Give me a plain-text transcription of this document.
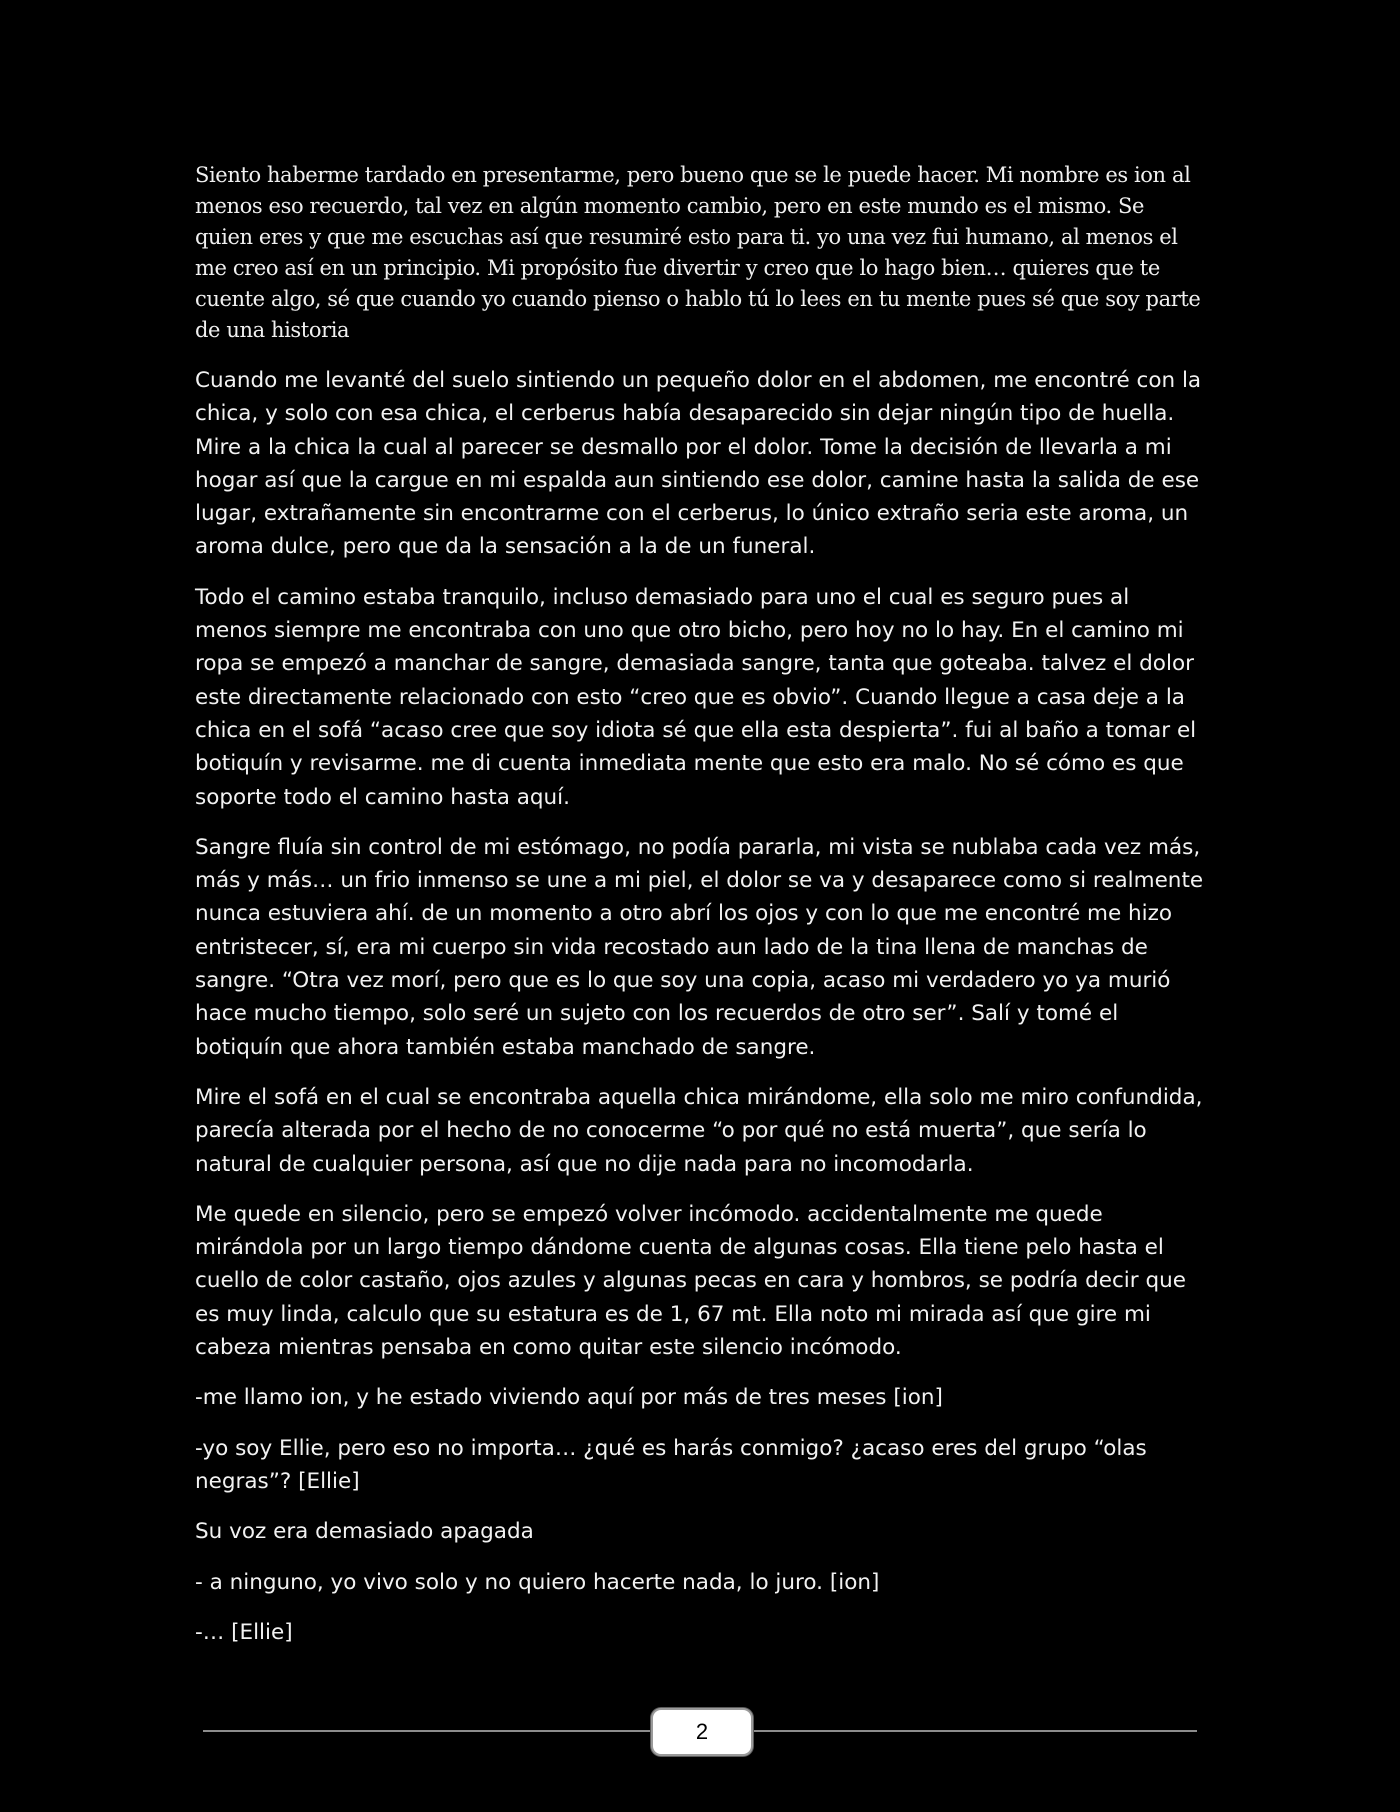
Siento haberme tardado en presentarme, pero bueno que se le puede hacer. Mi nombre es ion al menos eso recuerdo, tal vez en algún momento cambio, pero en este mundo es el mismo. Se quien eres y que me escuchas así que resumiré esto para ti. yo una vez fui humano, al menos el me creo así en un principio. Mi propósito fue divertir y creo que lo hago bien… quieres que te cuente algo, sé que cuando yo cuando pienso o hablo tú lo lees en tu mente pues sé que soy parte de una historia

Cuando me levanté del suelo sintiendo un pequeño dolor en el abdomen, me encontré con la chica, y solo con esa chica, el cerberus había desaparecido sin dejar ningún tipo de huella. Mire a la chica la cual al parecer se desmallo por el dolor. Tome la decisión de llevarla a mi hogar así que la cargue en mi espalda aun sintiendo ese dolor, camine hasta la salida de ese lugar, extrañamente sin encontrarme con el cerberus, lo único extraño seria este aroma, un aroma dulce, pero que da la sensación a la de un funeral.

Todo el camino estaba tranquilo, incluso demasiado para uno el cual es seguro pues al menos siempre me encontraba con uno que otro bicho, pero hoy no lo hay. En el camino mi ropa se empezó a manchar de sangre, demasiada sangre, tanta que goteaba. talvez el dolor este directamente relacionado con esto “creo que es obvio”. Cuando llegue a casa deje a la chica en el sofá “acaso cree que soy idiota sé que ella esta despierta”. fui al baño a tomar el botiquín y revisarme. me di cuenta inmediata mente que esto era malo. No sé cómo es que soporte todo el camino hasta aquí.

Sangre fluía sin control de mi estómago, no podía pararla, mi vista se nublaba cada vez más, más y más… un frio inmenso se une a mi piel, el dolor se va y desaparece como si realmente nunca estuviera ahí. de un momento a otro abrí los ojos y con lo que me encontré me hizo entristecer, sí, era mi cuerpo sin vida recostado aun lado de la tina llena de manchas de sangre. “Otra vez morí, pero que es lo que soy una copia, acaso mi verdadero yo ya murió hace mucho tiempo, solo seré un sujeto con los recuerdos de otro ser”. Salí y tomé el botiquín que ahora también estaba manchado de sangre.

Mire el sofá en el cual se encontraba aquella chica mirándome, ella solo me miro confundida, parecía alterada por el hecho de no conocerme “o por qué no está muerta”, que sería lo natural de cualquier persona, así que no dije nada para no incomodarla.

Me quede en silencio, pero se empezó volver incómodo. accidentalmente me quede mirándola por un largo tiempo dándome cuenta de algunas cosas. Ella tiene pelo hasta el cuello de color castaño, ojos azules y algunas pecas en cara y hombros, se podría decir que es muy linda, calculo que su estatura es de 1, 67 mt. Ella noto mi mirada así que gire mi cabeza mientras pensaba en como quitar este silencio incómodo.

-me llamo ion, y he estado viviendo aquí por más de tres meses [ion]

-yo soy Ellie, pero eso no importa… ¿qué es harás conmigo? ¿acaso eres del grupo “olas negras”? [Ellie]

Su voz era demasiado apagada

- a ninguno, yo vivo solo y no quiero hacerte nada, lo juro. [ion]

-… [Ellie]

2
